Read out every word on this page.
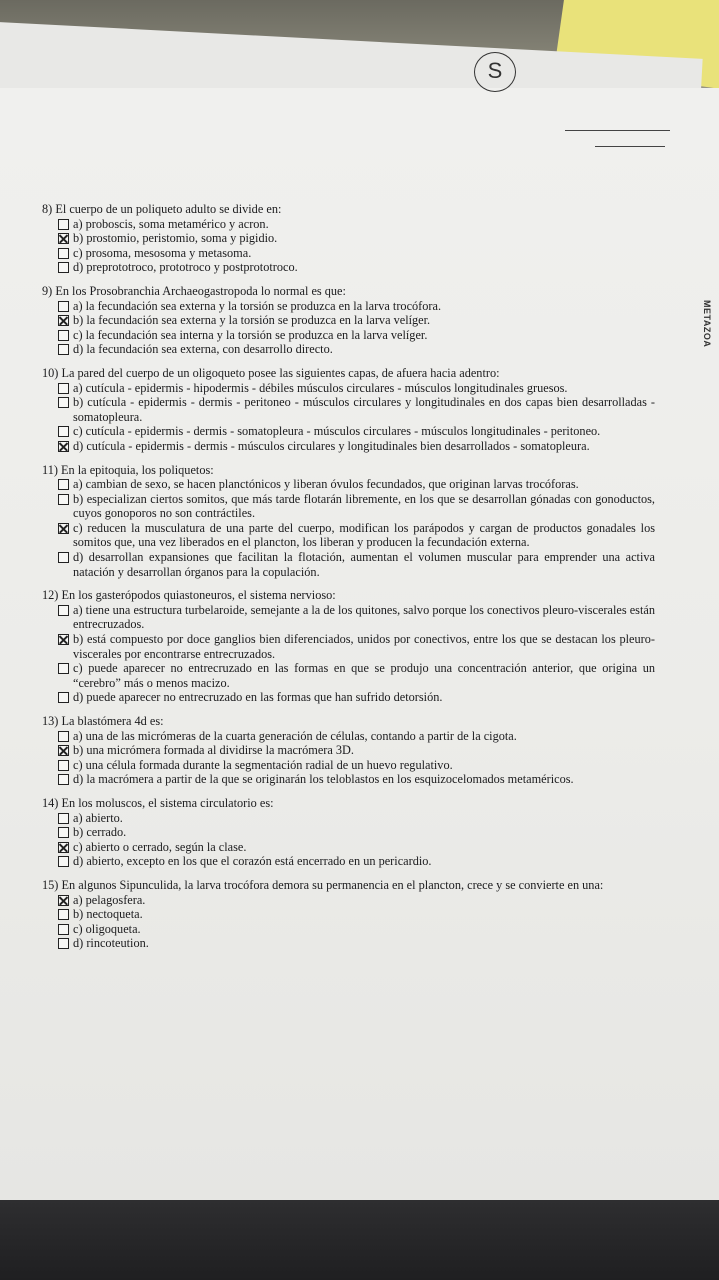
S
METAZOA
8) El cuerpo de un poliqueto adulto se divide en:
a) proboscis, soma metamérico y acron.
b) prostomio, peristomio, soma y pigidio.
c) prosoma, mesosoma y metasoma.
d) preprototroco, prototroco y postprototroco.
9) En los Prosobranchia Archaeogastropoda lo normal es que:
a) la fecundación sea externa y la torsión se produzca en la larva trocófora.
b) la fecundación sea externa y la torsión se produzca en la larva velíger.
c) la fecundación sea interna y la torsión se produzca en la larva velíger.
d) la fecundación sea externa, con desarrollo directo.
10) La pared del cuerpo de un oligoqueto posee las siguientes capas, de afuera hacia adentro:
a) cutícula - epidermis - hipodermis - débiles músculos circulares - músculos longitudinales gruesos.
b) cutícula - epidermis - dermis - peritoneo - músculos circulares y longitudinales en dos capas bien desarrolladas - somatopleura.
c) cutícula - epidermis - dermis - somatopleura - músculos circulares - músculos longitudinales - peritoneo.
d) cutícula - epidermis - dermis - músculos circulares y longitudinales bien desarrollados - somatopleura.
11) En la epitoquia, los poliquetos:
a) cambian de sexo, se hacen planctónicos y liberan óvulos fecundados, que originan larvas trocóforas.
b) especializan ciertos somitos, que más tarde flotarán libremente, en los que se desarrollan gónadas con gonoductos, cuyos gonoporos no son contráctiles.
c) reducen la musculatura de una parte del cuerpo, modifican los parápodos y cargan de productos gonadales los somitos que, una vez liberados en el plancton, los liberan y producen la fecundación externa.
d) desarrollan expansiones que facilitan la flotación, aumentan el volumen muscular para emprender una activa natación y desarrollan órganos para la copulación.
12) En los gasterópodos quiastoneuros, el sistema nervioso:
a) tiene una estructura turbelaroide, semejante a la de los quitones, salvo porque los conectivos pleuro-viscerales están entrecruzados.
b) está compuesto por doce ganglios bien diferenciados, unidos por conectivos, entre los que se destacan los pleuro-viscerales por encontrarse entrecruzados.
c) puede aparecer no entrecruzado en las formas en que se produjo una concentración anterior, que origina un “cerebro” más o menos macizo.
d) puede aparecer no entrecruzado en las formas que han sufrido detorsión.
13) La blastómera 4d es:
a) una de las micrómeras de la cuarta generación de células, contando a partir de la cigota.
b) una micrómera formada al dividirse la macrómera 3D.
c) una célula formada durante la segmentación radial de un huevo regulativo.
d) la macrómera a partir de la que se originarán los teloblastos en los esquizocelomados metaméricos.
14) En los moluscos, el sistema circulatorio es:
a) abierto.
b) cerrado.
c) abierto o cerrado, según la clase.
d) abierto, excepto en los que el corazón está encerrado en un pericardio.
15) En algunos Sipunculida, la larva trocófora demora su permanencia en el plancton, crece y se convierte en una:
a) pelagosfera.
b) nectoqueta.
c) oligoqueta.
d) rincoteution.
